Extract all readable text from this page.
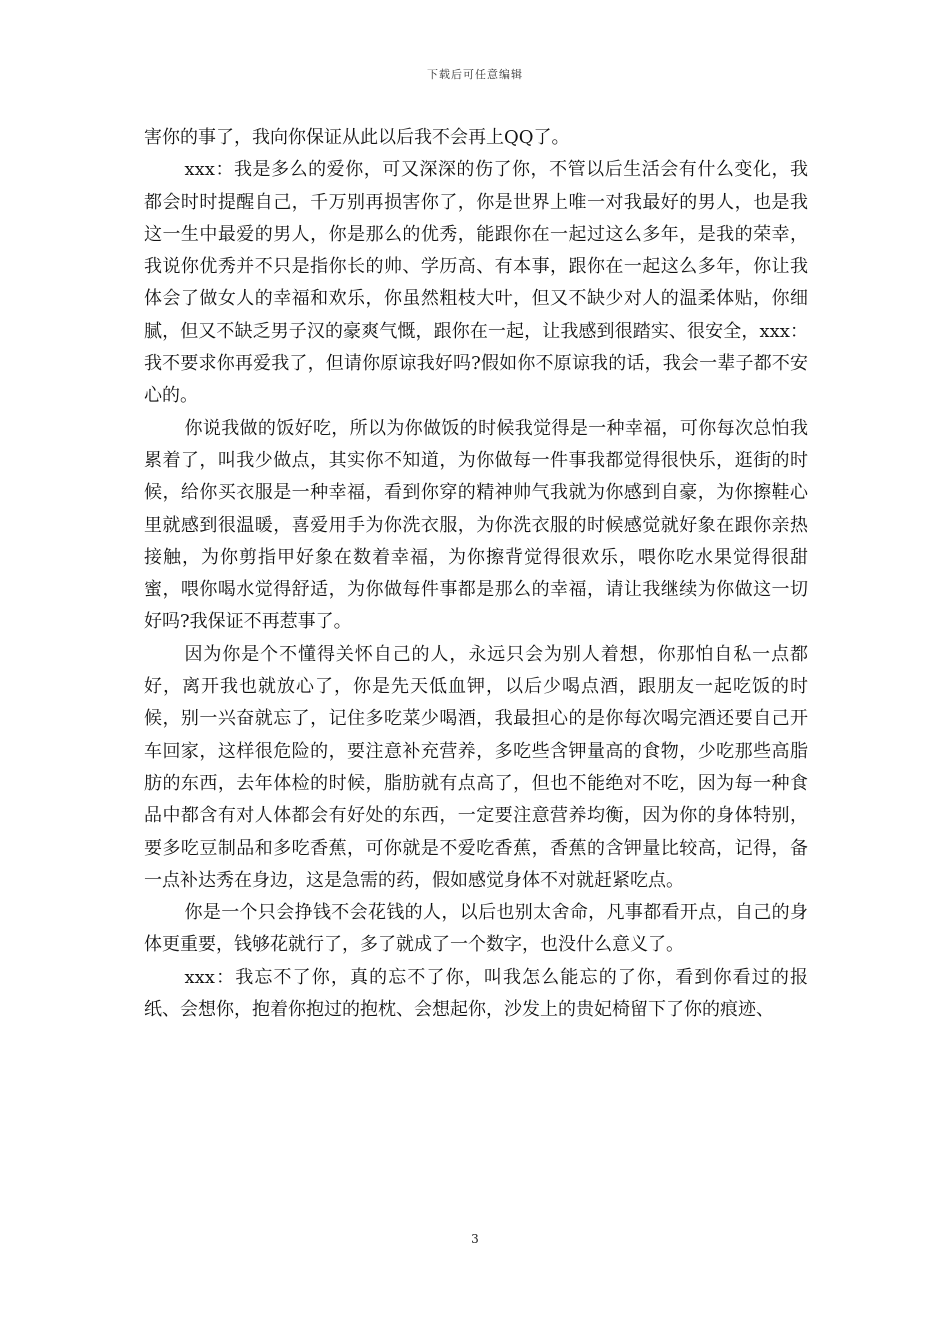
下载后可任意编辑

害你的事了，我向你保证从此以后我不会再上QQ了。

xxx：我是多么的爱你，可又深深的伤了你，不管以后生活会有什么变化，我都会时时提醒自己，千万别再损害你了，你是世界上唯一对我最好的男人，也是我这一生中最爱的男人，你是那么的优秀，能跟你在一起过这么多年，是我的荣幸，我说你优秀并不只是指你长的帅、学历高、有本事，跟你在一起这么多年，你让我体会了做女人的幸福和欢乐，你虽然粗枝大叶，但又不缺少对人的温柔体贴，你细腻，但又不缺乏男子汉的豪爽气慨，跟你在一起，让我感到很踏实、很安全，xxx：我不要求你再爱我了，但请你原谅我好吗?假如你不原谅我的话，我会一辈子都不安心的。

你说我做的饭好吃，所以为你做饭的时候我觉得是一种幸福，可你每次总怕我累着了，叫我少做点，其实你不知道，为你做每一件事我都觉得很快乐，逛街的时候，给你买衣服是一种幸福，看到你穿的精神帅气我就为你感到自豪，为你擦鞋心里就感到很温暖，喜爱用手为你洗衣服，为你洗衣服的时候感觉就好象在跟你亲热接触，为你剪指甲好象在数着幸福，为你擦背觉得很欢乐，喂你吃水果觉得很甜蜜，喂你喝水觉得舒适，为你做每件事都是那么的幸福，请让我继续为你做这一切好吗?我保证不再惹事了。

因为你是个不懂得关怀自己的人，永远只会为别人着想，你那怕自私一点都好，离开我也就放心了，你是先天低血钾，以后少喝点酒，跟朋友一起吃饭的时候，别一兴奋就忘了，记住多吃菜少喝酒，我最担心的是你每次喝完酒还要自己开车回家，这样很危险的，要注意补充营养，多吃些含钾量高的食物，少吃那些高脂肪的东西，去年体检的时候，脂肪就有点高了，但也不能绝对不吃，因为每一种食品中都含有对人体都会有好处的东西，一定要注意营养均衡，因为你的身体特别，要多吃豆制品和多吃香蕉，可你就是不爱吃香蕉，香蕉的含钾量比较高，记得，备一点补达秀在身边，这是急需的药，假如感觉身体不对就赶紧吃点。

你是一个只会挣钱不会花钱的人，以后也别太舍命，凡事都看开点，自己的身体更重要，钱够花就行了，多了就成了一个数字，也没什么意义了。

xxx：我忘不了你，真的忘不了你，叫我怎么能忘的了你，看到你看过的报纸、会想你，抱着你抱过的抱枕、会想起你，沙发上的贵妃椅留下了你的痕迹、

3
